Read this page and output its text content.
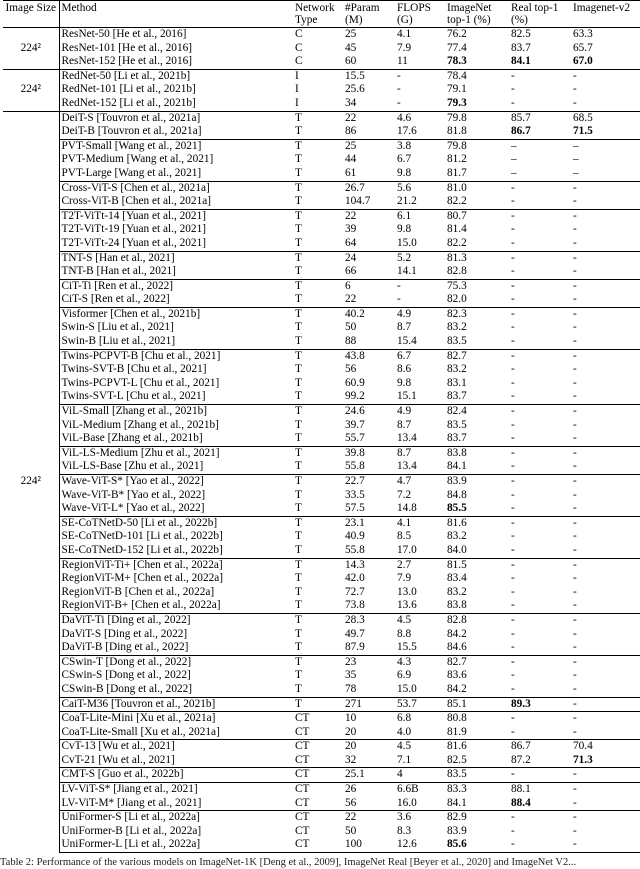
Image Size	Method	Network Type	#Param (M)	FLOPS (G)	ImageNet top-1 (%)	Real top-1 (%)	Imagenet-v2
224²	ResNet-50 [He et al., 2016]	C	25	4.1	76.2	82.5	63.3
	ResNet-101 [He et al., 2016]	C	45	7.9	77.4	83.7	65.7
	ResNet-152 [He et al., 2016]	C	60	11	78.3	84.1	67.0
224²	RedNet-50 [Li et al., 2021b]	I	15.5	-	78.4	-	-
	RedNet-101 [Li et al., 2021b]	I	25.6	-	79.1	-	-
	RedNet-152 [Li et al., 2021b]	I	34	-	79.3	-	-
224²	DeiT-S [Touvron et al., 2021a]	T	22	4.6	79.8	85.7	68.5
	DeiT-B [Touvron et al., 2021a]	T	86	17.6	81.8	86.7	71.5
	PVT-Small [Wang et al., 2021]	T	25	3.8	79.8	–	–
	PVT-Medium [Wang et al., 2021]	T	44	6.7	81.2	–	–
	PVT-Large [Wang et al., 2021]	T	61	9.8	81.7	–	–
	Cross-ViT-S [Chen et al., 2021a]	T	26.7	5.6	81.0	-	-
	Cross-ViT-B [Chen et al., 2021a]	T	104.7	21.2	82.2	-	-
	T2T-ViTt-14 [Yuan et al., 2021]	T	22	6.1	80.7	-	-
	T2T-ViTt-19 [Yuan et al., 2021]	T	39	9.8	81.4	-	-
	T2T-ViTt-24 [Yuan et al., 2021]	T	64	15.0	82.2	-	-
	TNT-S [Han et al., 2021]	T	24	5.2	81.3	-	-
	TNT-B [Han et al., 2021]	T	66	14.1	82.8	-	-
	CiT-Ti [Ren et al., 2022]	T	6	-	75.3	-	-
	CiT-S [Ren et al., 2022]	T	22	-	82.0	-	-
	Visformer [Chen et al., 2021b]	T	40.2	4.9	82.3	-	-
	Swin-S [Liu et al., 2021]	T	50	8.7	83.2	-	-
	Swin-B [Liu et al., 2021]	T	88	15.4	83.5	-	-
	Twins-PCPVT-B [Chu et al., 2021]	T	43.8	6.7	82.7	-	-
	Twins-SVT-B [Chu et al., 2021]	T	56	8.6	83.2	-	-
	Twins-PCPVT-L [Chu et al., 2021]	T	60.9	9.8	83.1	-	-
	Twins-SVT-L [Chu et al., 2021]	T	99.2	15.1	83.7	-	-
	ViL-Small [Zhang et al., 2021b]	T	24.6	4.9	82.4	-	-
	ViL-Medium [Zhang et al., 2021b]	T	39.7	8.7	83.5	-	-
	ViL-Base [Zhang et al., 2021b]	T	55.7	13.4	83.7	-	-
	ViL-LS-Medium [Zhu et al., 2021]	T	39.8	8.7	83.8	-	-
	ViL-LS-Base [Zhu et al., 2021]	T	55.8	13.4	84.1	-	-
	Wave-ViT-S* [Yao et al., 2022]	T	22.7	4.7	83.9	-	-
	Wave-ViT-B* [Yao et al., 2022]	T	33.5	7.2	84.8	-	-
	Wave-ViT-L* [Yao et al., 2022]	T	57.5	14.8	85.5	-	-
	SE-CoTNetD-50 [Li et al., 2022b]	T	23.1	4.1	81.6	-	-
	SE-CoTNetD-101 [Li et al., 2022b]	T	40.9	8.5	83.2	-	-
	SE-CoTNetD-152 [Li et al., 2022b]	T	55.8	17.0	84.0	-	-
	RegionViT-Ti+ [Chen et al., 2022a]	T	14.3	2.7	81.5	-	-
	RegionViT-M+ [Chen et al., 2022a]	T	42.0	7.9	83.4	-	-
	RegionViT-B [Chen et al., 2022a]	T	72.7	13.0	83.2	-	-
	RegionViT-B+ [Chen et al., 2022a]	T	73.8	13.6	83.8	-	-
	DaViT-Ti [Ding et al., 2022]	T	28.3	4.5	82.8	-	-
	DaViT-S [Ding et al., 2022]	T	49.7	8.8	84.2	-	-
	DaViT-B [Ding et al., 2022]	T	87.9	15.5	84.6	-	-
	CSwin-T [Dong et al., 2022]	T	23	4.3	82.7	-	-
	CSwin-S [Dong et al., 2022]	T	35	6.9	83.6	-	-
	CSwin-B [Dong et al., 2022]	T	78	15.0	84.2	-	-
	CaiT-M36 [Touvron et al., 2021b]	T	271	53.7	85.1	89.3	-
	CoaT-Lite-Mini [Xu et al., 2021a]	CT	10	6.8	80.8	-	-
	CoaT-Lite-Small [Xu et al., 2021a]	CT	20	4.0	81.9	-	-
	CvT-13 [Wu et al., 2021]	CT	20	4.5	81.6	86.7	70.4
	CvT-21 [Wu et al., 2021]	CT	32	7.1	82.5	87.2	71.3
	CMT-S [Guo et al., 2022b]	CT	25.1	4	83.5	-	-
	LV-ViT-S* [Jiang et al., 2021]	CT	26	6.6B	83.3	88.1	-
	LV-ViT-M* [Jiang et al., 2021]	CT	56	16.0	84.1	88.4	-
	UniFormer-S [Li et al., 2022a]	CT	22	3.6	82.9	-	-
	UniFormer-B [Li et al., 2022a]	CT	50	8.3	83.9	-	-
	UniFormer-L [Li et al., 2022a]	CT	100	12.6	85.6	-	-
Table 2: Performance of the various models on ImageNet-1K [Deng et al., 2009], ImageNet Real [Beyer et al., 2020] and ImageNet V2...
